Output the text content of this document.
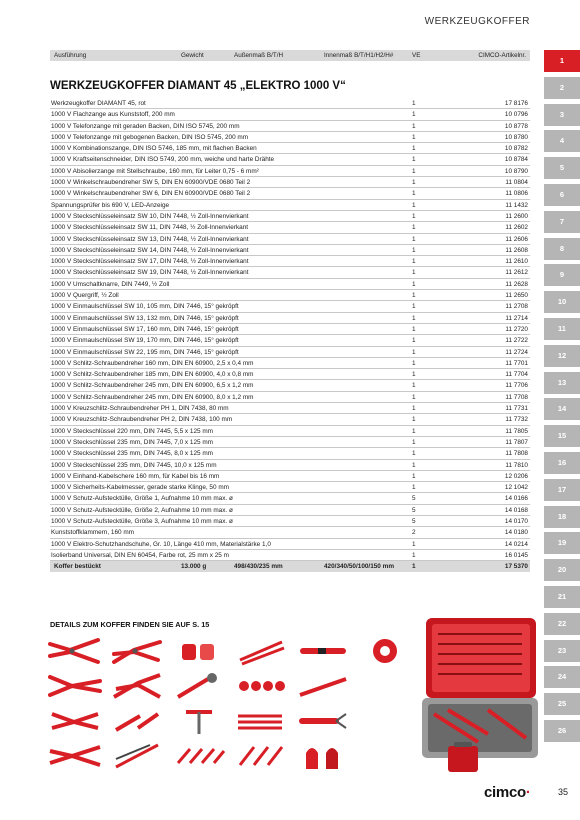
WERKZEUGKOFFER
Ausführung	Gewicht	Außenmaß B/T/H	Innenmaß B/T/H1/H2/H#	VE	CIMCO-Artikelnr.
WERKZEUGKOFFER DIAMANT 45 „ELEKTRO 1000 V“
Werkzeugkoffer DIAMANT 45, rot	1	17 8176
1000 V Flachzange aus Kunststoff, 200 mm	1	10 0796
1000 V Telefonzange mit geraden Backen, DIN ISO 5745, 200 mm	1	10 8778
1000 V Telefonzange mit gebogenen Backen, DIN ISO 5745, 200 mm	1	10 8780
1000 V Kombinationszange, DIN ISO 5746, 185 mm, mit flachen Backen	1	10 8782
1000 V Kraftseitenschneider, DIN ISO 5749, 200 mm, weiche und harte Drähte	1	10 8784
1000 V Abisolierzange mit Stellschraube, 160 mm, für Leiter 0,75 - 6 mm²	1	10 8790
1000 V Winkelschraubendreher SW 5, DIN EN 60900/VDE 0680 Teil 2	1	11 0804
1000 V Winkelschraubendreher SW 6, DIN EN 60900/VDE 0680 Teil 2	1	11 0806
Spannungsprüfer bis 690 V, LED-Anzeige	1	11 1432
1000 V Steckschlüsseleinsatz SW 10, DIN 7448, ½ Zoll-Innenvierkant	1	11 2600
1000 V Steckschlüsseleinsatz SW 11, DIN 7448, ½ Zoll-Innenvierkant	1	11 2602
1000 V Steckschlüsseleinsatz SW 13, DIN 7448, ½ Zoll-Innenvierkant	1	11 2606
1000 V Steckschlüsseleinsatz SW 14, DIN 7448, ½ Zoll-Innenvierkant	1	11 2608
1000 V Steckschlüsseleinsatz SW 17, DIN 7448, ½ Zoll-Innenvierkant	1	11 2610
1000 V Steckschlüsseleinsatz SW 19, DIN 7448, ½ Zoll-Innenvierkant	1	11 2612
1000 V Umschaltknarre, DIN 7449, ½ Zoll	1	11 2628
1000 V Quergriff, ½ Zoll	1	11 2650
1000 V Einmaulschlüssel SW 10, 105 mm, DIN 7446, 15° gekröpft	1	11 2708
1000 V Einmaulschlüssel SW 13, 132 mm, DIN 7446, 15° gekröpft	1	11 2714
1000 V Einmaulschlüssel SW 17, 160 mm, DIN 7446, 15° gekröpft	1	11 2720
1000 V Einmaulschlüssel SW 19, 170 mm, DIN 7446, 15° gekröpft	1	11 2722
1000 V Einmaulschlüssel SW 22, 195 mm, DIN 7446, 15° gekröpft	1	11 2724
1000 V Schlitz-Schraubendreher 160 mm, DIN EN 60900, 2,5 x 0,4 mm	1	11 7701
1000 V Schlitz-Schraubendreher 185 mm, DIN EN 60900, 4,0 x 0,8 mm	1	11 7704
1000 V Schlitz-Schraubendreher 245 mm, DIN EN 60900, 6,5 x 1,2 mm	1	11 7706
1000 V Schlitz-Schraubendreher 245 mm, DIN EN 60900, 8,0 x 1,2 mm	1	11 7708
1000 V Kreuzschlitz-Schraubendreher PH 1, DIN 7438, 80 mm	1	11 7731
1000 V Kreuzschlitz-Schraubendreher PH 2, DIN 7438, 100 mm	1	11 7732
1000 V Steckschlüssel 220 mm, DIN 7445, 5,5 x 125 mm	1	11 7805
1000 V Steckschlüssel 235 mm, DIN 7445, 7,0 x 125 mm	1	11 7807
1000 V Steckschlüssel 235 mm, DIN 7445, 8,0 x 125 mm	1	11 7808
1000 V Steckschlüssel 235 mm, DIN 7445, 10,0 x 125 mm	1	11 7810
1000 V Einhand-Kabelschere 160 mm, für Kabel bis 16 mm	1	12 0206
1000 V Sicherheits-Kabelmesser, gerade starke Klinge, 50 mm	1	12 1042
1000 V Schutz-Aufstecktülle, Größe 1, Aufnahme 10 mm max. ø	5	14 0166
1000 V Schutz-Aufstecktülle, Größe 2, Aufnahme 10 mm max. ø	5	14 0168
1000 V Schutz-Aufstecktülle, Größe 3, Aufnahme 10 mm max. ø	5	14 0170
Kunststoffklammern, 160 mm	2	14 0180
1000 V Elektro-Schutzhandschuhe, Gr. 10, Länge 410 mm, Materialstärke 1,0	1	14 0214
Isolierband Universal, DIN EN 60454, Farbe rot, 25 mm x 25 m	1	16 0145
Koffer bestückt	13.000 g	498/430/235 mm	420/340/50/100/150 mm	1	17 5370
DETAILS ZUM KOFFER FINDEN SIE AUF S. 15
1
2
3
4
5
6
7
8
9
10
11
12
13
14
15
16
17
18
19
20
21
22
23
24
25
26
cimco·	35
